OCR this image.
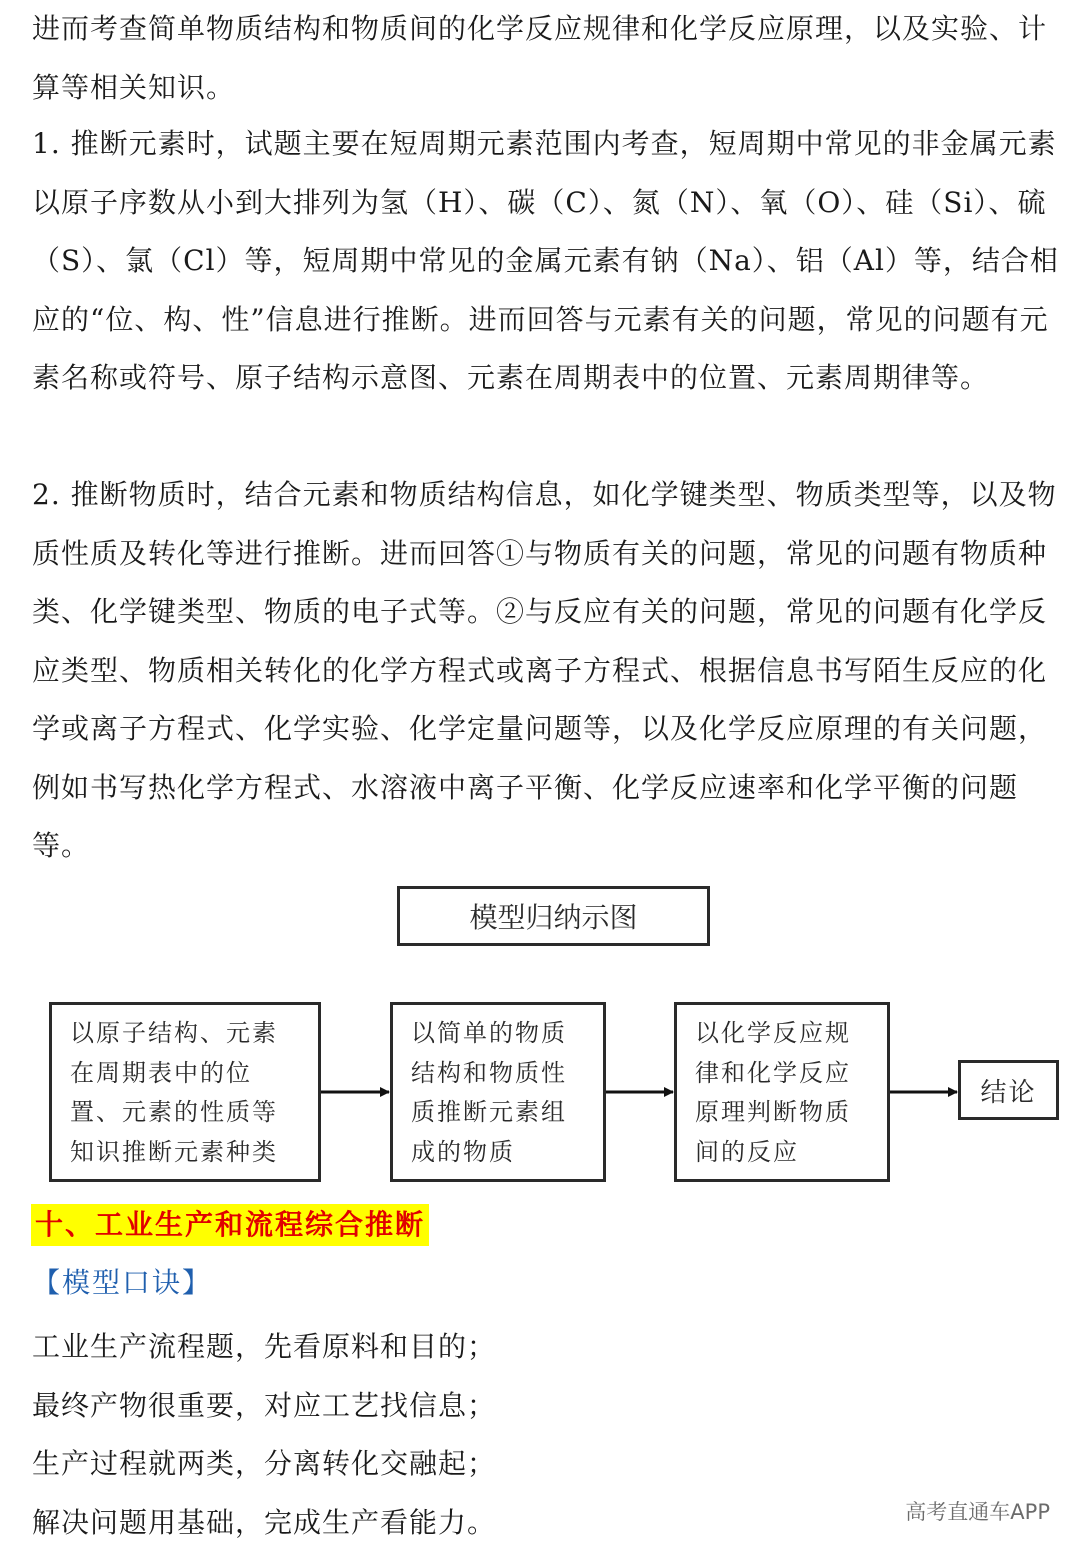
进而考查简单物质结构和物质间的化学反应规律和化学反应原理，以及实验、计算等相关知识。

1. 推断元素时，试题主要在短周期元素范围内考查，短周期中常见的非金属元素以原子序数从小到大排列为氢（H）、碳（C）、氮（N）、氧（O）、硅（Si）、硫（S）、氯（Cl）等，短周期中常见的金属元素有钠（Na）、铝（Al）等，结合相应的“位、构、性”信息进行推断。进而回答与元素有关的问题，常见的问题有元素名称或符号、原子结构示意图、元素在周期表中的位置、元素周期律等。

2. 推断物质时，结合元素和物质结构信息，如化学键类型、物质类型等，以及物质性质及转化等进行推断。进而回答①与物质有关的问题，常见的问题有物质种类、化学键类型、物质的电子式等。②与反应有关的问题，常见的问题有化学反应类型、物质相关转化的化学方程式或离子方程式、根据信息书写陌生反应的化学或离子方程式、化学实验、化学定量问题等，以及化学反应原理的有关问题，例如书写热化学方程式、水溶液中离子平衡、化学反应速率和化学平衡的问题等。

模型归纳示图
以原子结构、元素在周期表中的位置、元素的性质等知识推断元素种类
以简单的物质结构和物质性质推断元素组成的物质
以化学反应规律和化学反应原理判断物质间的反应
结论
十、工业生产和流程综合推断
【模型口诀】
工业生产流程题，先看原料和目的；
最终产物很重要，对应工艺找信息；
生产过程就两类，分离转化交融起；
解决问题用基础，完成生产看能力。	高考直通车APP
